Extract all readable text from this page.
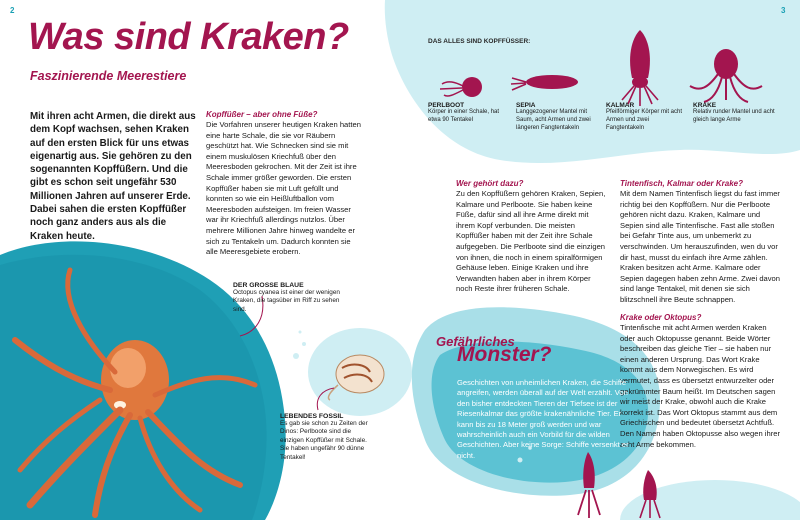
2	3
Was sind Kraken?
Faszinierende Meerestiere
Mit ihren acht Armen, die direkt aus dem Kopf wachsen, sehen Kraken auf den ersten Blick für uns etwas eigenartig aus. Sie gehören zu den sogenannten Kopffüßern. Und die gibt es schon seit ungefähr 530 Millionen Jahren auf unserer Erde. Dabei sahen die ersten Kopffüßer noch ganz anders aus als die Kraken heute.
Kopffüßer – aber ohne Füße?
Die Vorfahren unserer heutigen Kraken hatten eine harte Schale, die sie vor Räubern geschützt hat. Wie Schnecken sind sie mit einem muskulösen Kriechfuß über den Meeresboden gekrochen. Mit der Zeit ist ihre Schale immer größer geworden. Die ersten Kopffüßer haben sie mit Luft gefüllt und konnten so wie ein Heißluftballon vom Meeresboden aufsteigen. Im freien Wasser war ihr Kriechfuß allerdings nutzlos. Über mehrere Millionen Jahre hinweg wandelte er sich zu Tentakeln um. Dadurch konnten sie alle Meeresgebiete erobern.
DER GROSSE BLAUE
Octopus cyanea ist einer der wenigen Kraken, die tagsüber im Riff zu sehen sind.
LEBENDES FOSSIL
Es gab sie schon zu Zeiten der Dinos: Perlboote sind die einzigen Kopffüßer mit Schale. Sie haben ungefähr 90 dünne Tentakel!
DAS ALLES SIND KOPFFÜSSER:
PERLBOOT
Körper in einer Schale, hat etwa 90 Tentakel
SEPIA
Langgezogener Mantel mit Saum, acht Armen und zwei längeren Fangtentakeln
KALMAR
Pfeilförmiger Körper mit acht Armen und zwei Fangtentakeln
KRAKE
Relativ runder Mantel und acht gleich lange Arme
Wer gehört dazu?
Zu den Kopffüßern gehören Kraken, Sepien, Kalmare und Perlboote. Sie haben keine Füße, dafür sind all ihre Arme direkt mit ihrem Kopf verbunden. Die meisten Kopffüßer haben mit der Zeit ihre Schale aufgegeben. Die Perlboote sind die einzigen von ihnen, die noch in einem spiralförmigen Gehäuse leben. Einige Kraken und ihre Verwandten haben aber in ihrem Körper noch Reste ihrer früheren Schale.
Tintenfisch, Kalmar oder Krake?
Mit dem Namen Tintenfisch liegst du fast immer richtig bei den Kopffüßern. Nur die Perlboote gehören nicht dazu. Kraken, Kalmare und Sepien sind alle Tintenfische. Fast alle stoßen bei Gefahr Tinte aus, um unbemerkt zu verschwinden. Um herauszufinden, wen du vor dir hast, musst du einfach ihre Arme zählen. Kraken besitzen acht Arme. Kalmare oder Sepien dagegen haben zehn Arme. Zwei davon sind lange Tentakel, mit denen sie sich blitzschnell ihre Beute schnappen.
Krake oder Oktopus?
Tintenfische mit acht Armen werden Kraken oder auch Oktopusse genannt. Beide Wörter beschreiben das gleiche Tier – sie haben nur einen anderen Ursprung. Das Wort Krake kommt aus dem Norwegischen. Es wird vermutet, dass es übersetzt entwurzelter oder gekrümmter Baum heißt. Im Deutschen sagen wir meist der Krake, obwohl auch die Krake korrekt ist. Das Wort Oktopus stammt aus dem Griechischen und bedeutet übersetzt Achtfuß. Den Namen haben Oktopusse also wegen ihrer acht Arme bekommen.
Gefährliches
Monster?
Geschichten von unheimlichen Kraken, die Schiffe angreifen, werden überall auf der Welt erzählt. Von den bisher entdeckten Tieren der Tiefsee ist der Riesenkalmar das größte krakenähnliche Tier. Er kann bis zu 18 Meter groß werden und war wahrscheinlich auch ein Vorbild für die wilden Geschichten. Aber keine Sorge: Schiffe versenkt er nicht.
